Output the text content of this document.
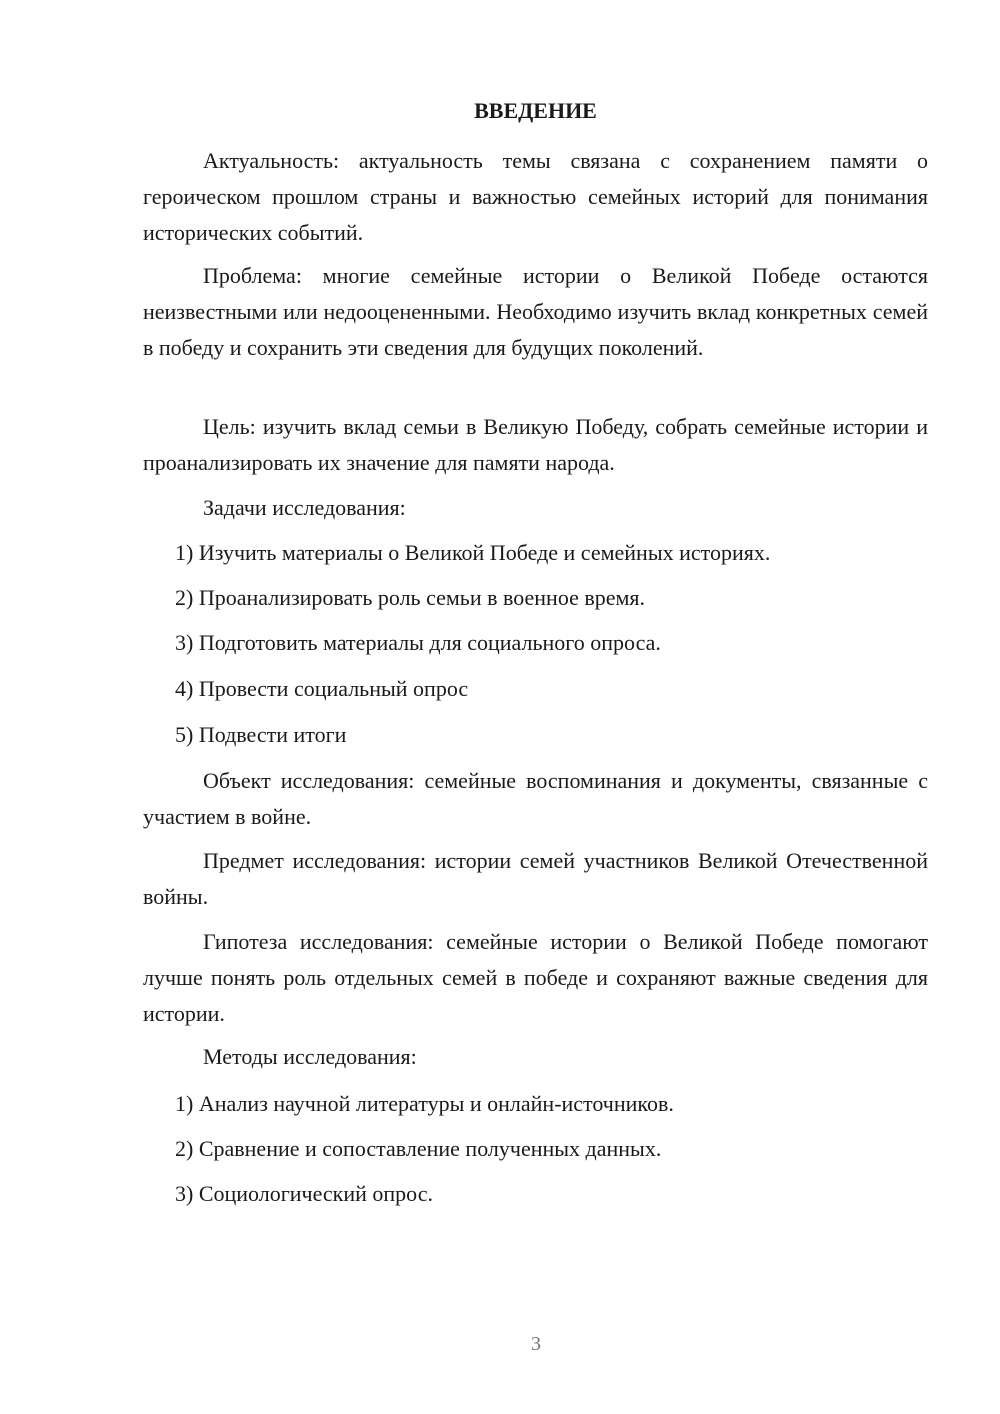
ВВЕДЕНИЕ

Актуальность: актуальность темы связана с сохранением памяти о героическом прошлом страны и важностью семейных историй для понимания исторических событий.

Проблема: многие семейные истории о Великой Победе остаются неизвестными или недооцененными. Необходимо изучить вклад конкретных семей в победу и сохранить эти сведения для будущих поколений.

Цель: изучить вклад семьи в Великую Победу, собрать семейные истории и проанализировать их значение для памяти народа.

Задачи исследования:

1) Изучить материалы о Великой Победе и семейных историях.

2) Проанализировать роль семьи в военное время.

3) Подготовить материалы для социального опроса.

4) Провести социальный опрос

5) Подвести итоги

Объект исследования: семейные воспоминания и документы, связанные с участием в войне.

Предмет исследования: истории семей участников Великой Отечественной войны.

Гипотеза исследования: семейные истории о Великой Победе помогают лучше понять роль отдельных семей в победе и сохраняют важные сведения для истории.

Методы исследования:

1) Анализ научной литературы и онлайн-источников.

2) Сравнение и сопоставление полученных данных.

3) Социологический опрос.

3
